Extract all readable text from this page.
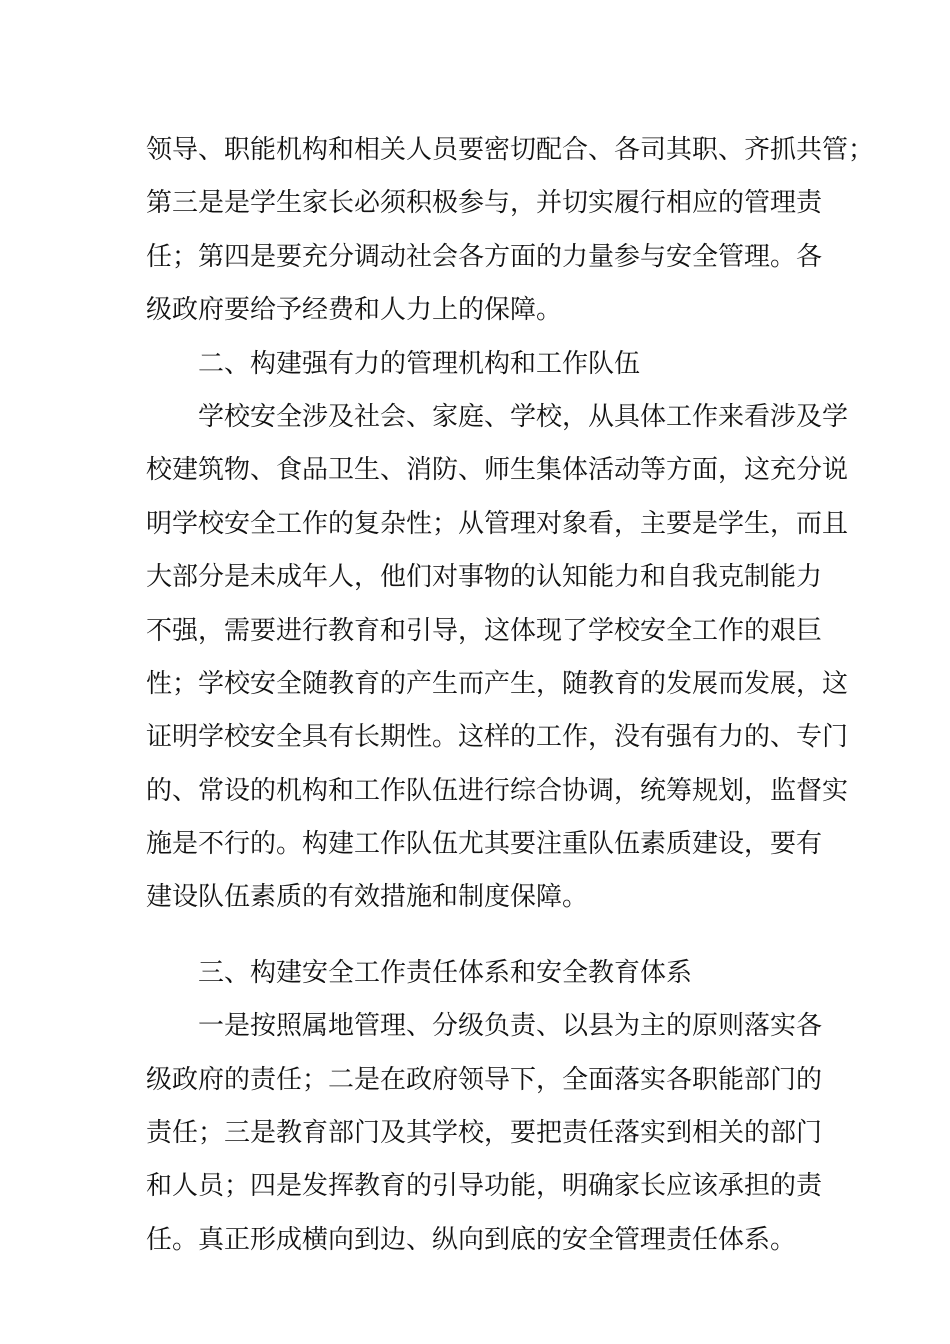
领导、职能机构和相关人员要密切配合、各司其职、齐抓共管；
第三是是学生家长必须积极参与，并切实履行相应的管理责
任；第四是要充分调动社会各方面的力量参与安全管理。各
级政府要给予经费和人力上的保障。
二、构建强有力的管理机构和工作队伍
学校安全涉及社会、家庭、学校，从具体工作来看涉及学
校建筑物、食品卫生、消防、师生集体活动等方面，这充分说
明学校安全工作的复杂性；从管理对象看，主要是学生，而且
大部分是未成年人，他们对事物的认知能力和自我克制能力
不强，需要进行教育和引导，这体现了学校安全工作的艰巨
性；学校安全随教育的产生而产生，随教育的发展而发展，这
证明学校安全具有长期性。这样的工作，没有强有力的、专门
的、常设的机构和工作队伍进行综合协调，统筹规划，监督实
施是不行的。构建工作队伍尤其要注重队伍素质建设，要有
建设队伍素质的有效措施和制度保障。
三、构建安全工作责任体系和安全教育体系
一是按照属地管理、分级负责、以县为主的原则落实各
级政府的责任；二是在政府领导下，全面落实各职能部门的
责任；三是教育部门及其学校，要把责任落实到相关的部门
和人员；四是发挥教育的引导功能，明确家长应该承担的责
任。真正形成横向到边、纵向到底的安全管理责任体系。
